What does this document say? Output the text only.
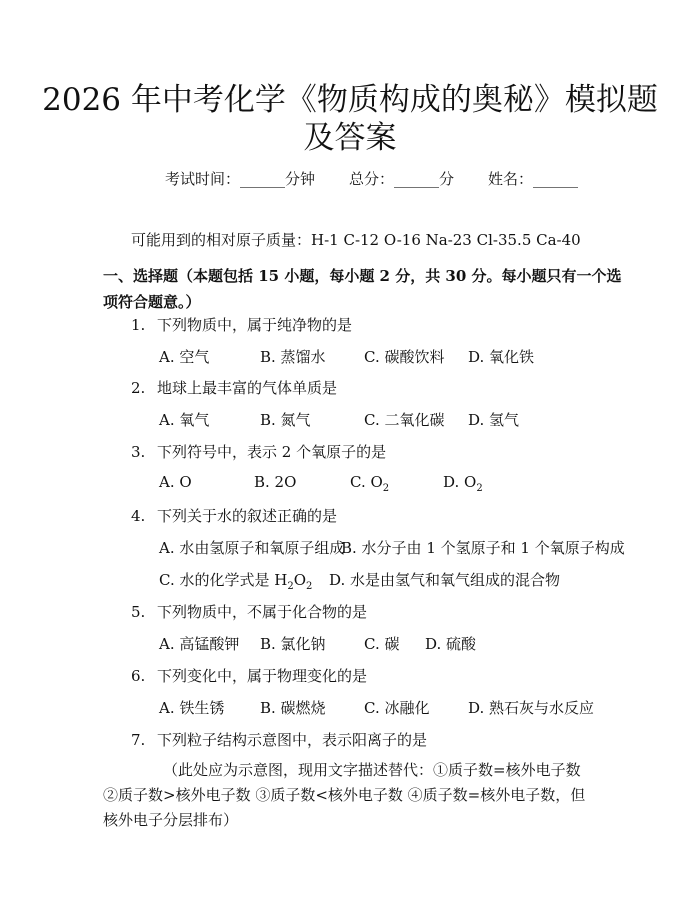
2026 年中考化学《物质构成的奥秘》模拟题
及答案
考试时间：______分钟 总分：______分 姓名：______
可能用到的相对原子质量：H-1 C-12 O-16 Na-23 Cl-35.5 Ca-40
一、选择题（本题包括 15 小题，每小题 2 分，共 30 分。每小题只有一个选项符合题意。）
1. 下列物质中，属于纯净物的是
A. 空气	B. 蒸馏水	C. 碳酸饮料 D. 氧化铁
2. 地球上最丰富的气体单质是
A. 氧气	B. 氮气	C. 二氧化碳 D. 氢气
3. 下列符号中，表示 2 个氧原子的是
A. O	B. 2O	C. $O_2$	D. $O_2$
4. 下列关于水的叙述正确的是
A. 水由氢原子和氧原子组成B. 水分子由 1 个氢原子和 1 个氧原子构成
C. 水的化学式是 $H_2O_2$ D. 水是由氢气和氧气组成的混合物
5. 下列物质中，不属于化合物的是
A. 高锰酸钾 B. 氯化钠	C. 碳 D. 硫酸
6. 下列变化中，属于物理变化的是
A. 铁生锈 B. 碳燃烧	C. 冰融化	D. 熟石灰与水反应
7. 下列粒子结构示意图中，表示阳离子的是
（此处应为示意图，现用文字描述替代：①质子数=核外电子数 ②质子数>核外电子数 ③质子数<核外电子数 ④质子数=核外电子数，但核外电子分层排布）
